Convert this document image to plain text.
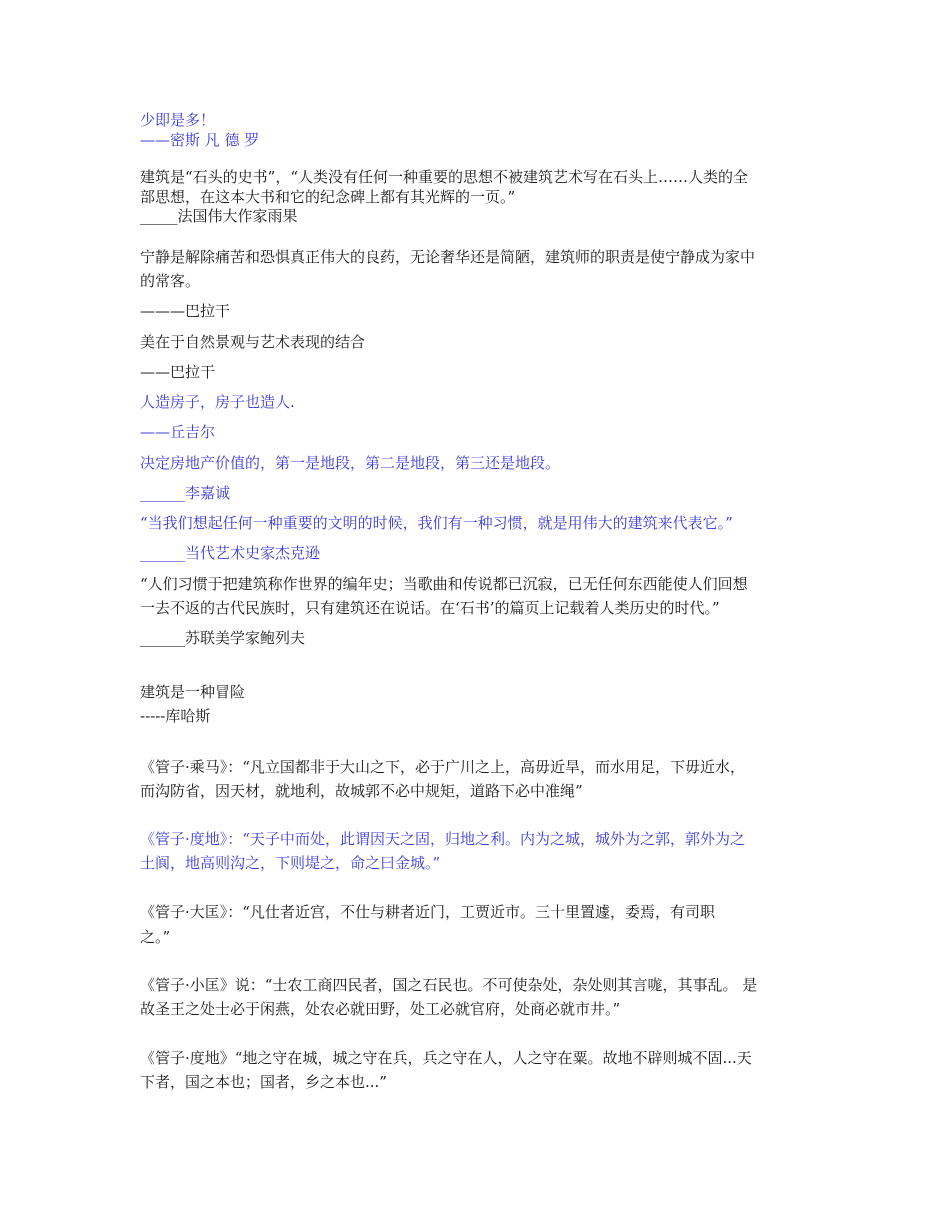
少即是多！
——密斯 凡 德 罗
建筑是“石头的史书”，“人类没有任何一种重要的思想不被建筑艺术写在石头上……人类的全
部思想，在这本大书和它的纪念碑上都有其光辉的一页。”
_____法国伟大作家雨果
宁静是解除痛苦和恐惧真正伟大的良药，无论奢华还是简陋，建筑师的职责是使宁静成为家中
的常客。
———巴拉干
美在于自然景观与艺术表现的结合
——巴拉干
人造房子，房子也造人.
——丘吉尔
决定房地产价值的，第一是地段，第二是地段，第三还是地段。
______李嘉诚
“当我们想起任何一种重要的文明的时候，我们有一种习惯，就是用伟大的建筑来代表它。”
______当代艺术史家杰克逊
“人们习惯于把建筑称作世界的编年史；当歌曲和传说都已沉寂，已无任何东西能使人们回想
一去不返的古代民族时，只有建筑还在说话。在‘石书’的篇页上记载着人类历史的时代。”
______苏联美学家鲍列夫
建筑是一种冒险
-----库哈斯
《管子·乘马》：“凡立国都非于大山之下，必于广川之上，高毋近旱，而水用足，下毋近水，
而沟防省，因天材，就地利，故城郭不必中规矩，道路下必中准绳”
《管子·度地》：“天子中而处，此谓因天之固，归地之利。内为之城，城外为之郭，郭外为之
土阆，地高则沟之，下则堤之，命之曰金城。”
《管子·大匡》：“凡仕者近宫，不仕与耕者近门，工贾近市。三十里置遽，委焉，有司职
之。”
《管子·小匡》说：“士农工商四民者，国之石民也。不可使杂处，杂处则其言哤，其事乱。 是
故圣王之处士必于闲燕，处农必就田野，处工必就官府，处商必就市井。”
《管子·度地》“地之守在城，城之守在兵，兵之守在人，人之守在粟。故地不辟则城不固...天
下者，国之本也；国者，乡之本也...”
